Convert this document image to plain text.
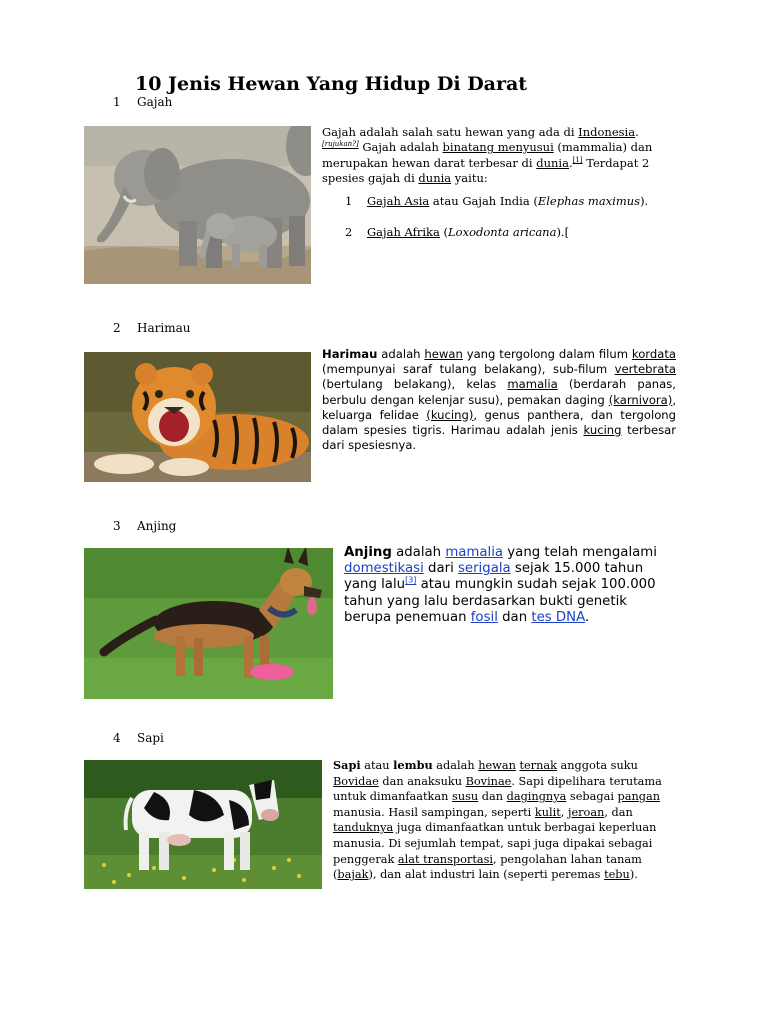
10 Jenis Hewan Yang Hidup Di Darat
1 Gajah
Gajah adalah salah satu hewan yang ada di Indonesia.
[rujukan?] Gajah adalah binatang menyusui (mammalia) dan merupakan hewan darat terbesar di dunia.[1] Terdapat 2 spesies gajah di dunia yaitu:
1 Gajah Asia atau Gajah India (Elephas maximus).
2 Gajah Afrika (Loxodonta aricana).[
2 Harimau
Harimau adalah hewan yang tergolong dalam filum kordata (mempunyai saraf tulang belakang), sub-filum vertebrata (bertulang belakang), kelas mamalia (berdarah panas, berbulu dengan kelenjar susu), pemakan daging (karnivora), keluarga felidae (kucing), genus panthera, dan tergolong dalam spesies tigris. Harimau adalah jenis kucing terbesar dari spesiesnya.
3 Anjing
Anjing adalah mamalia yang telah mengalami domestikasi dari serigala sejak 15.000 tahun yang lalu[3] atau mungkin sudah sejak 100.000 tahun yang lalu berdasarkan bukti genetik berupa penemuan fosil dan tes DNA.
4 Sapi
Sapi atau lembu adalah hewan ternak anggota suku Bovidae dan anaksuku Bovinae. Sapi dipelihara terutama untuk dimanfaatkan susu dan dagingnya sebagai pangan manusia. Hasil sampingan, seperti kulit, jeroan, dan tanduknya juga dimanfaatkan untuk berbagai keperluan manusia. Di sejumlah tempat, sapi juga dipakai sebagai penggerak alat transportasi, pengolahan lahan tanam (bajak), dan alat industri lain (seperti peremas tebu).
